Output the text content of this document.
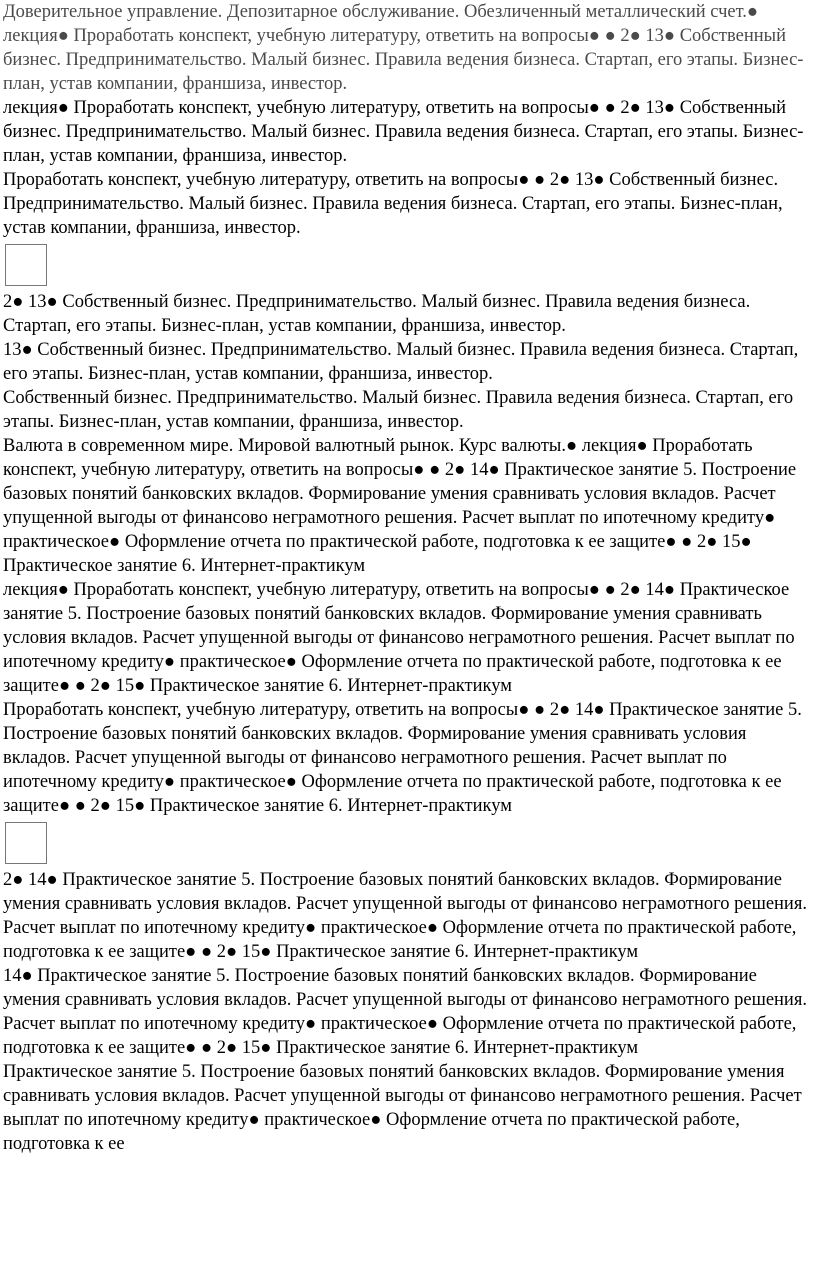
Доверительное управление. Депозитарное обслуживание. Обезличенный металлический счет.● лекция● Проработать конспект, учебную литературу, ответить на вопросы● ● 2● 13● Собственный бизнес. Предпринимательство. Малый бизнес. Правила ведения бизнеса. Стартап, его этапы. Бизнес-план, устав компании, франшиза, инвестор.

лекция● Проработать конспект, учебную литературу, ответить на вопросы● ● 2● 13● Собственный бизнес. Предпринимательство. Малый бизнес. Правила ведения бизнеса. Стартап, его этапы. Бизнес-план, устав компании, франшиза, инвестор.

Проработать конспект, учебную литературу, ответить на вопросы● ● 2● 13● Собственный бизнес. Предпринимательство. Малый бизнес. Правила ведения бизнеса. Стартап, его этапы. Бизнес-план, устав компании, франшиза, инвестор.

2● 13● Собственный бизнес. Предпринимательство. Малый бизнес. Правила ведения бизнеса. Стартап, его этапы. Бизнес-план, устав компании, франшиза, инвестор.

13● Собственный бизнес. Предпринимательство. Малый бизнес. Правила ведения бизнеса. Стартап, его этапы. Бизнес-план, устав компании, франшиза, инвестор.

Собственный бизнес. Предпринимательство. Малый бизнес. Правила ведения бизнеса. Стартап, его этапы. Бизнес-план, устав компании, франшиза, инвестор.

Валюта в современном мире. Мировой валютный рынок. Курс валюты.● лекция● Проработать конспект, учебную литературу, ответить на вопросы● ● 2● 14● Практическое занятие 5. Построение базовых понятий банковских вкладов. Формирование умения сравнивать условия вкладов. Расчет упущенной выгоды от финансово неграмотного решения. Расчет выплат по ипотечному кредиту● практическое● Оформление отчета по практической работе, подготовка к ее защите● ● 2● 15● Практическое занятие 6. Интернет-практикум

лекция● Проработать конспект, учебную литературу, ответить на вопросы● ● 2● 14● Практическое занятие 5. Построение базовых понятий банковских вкладов. Формирование умения сравнивать условия вкладов. Расчет упущенной выгоды от финансово неграмотного решения. Расчет выплат по ипотечному кредиту● практическое● Оформление отчета по практической работе, подготовка к ее защите● ● 2● 15● Практическое занятие 6. Интернет-практикум

Проработать конспект, учебную литературу, ответить на вопросы● ● 2● 14● Практическое занятие 5. Построение базовых понятий банковских вкладов. Формирование умения сравнивать условия вкладов. Расчет упущенной выгоды от финансово неграмотного решения. Расчет выплат по ипотечному кредиту● практическое● Оформление отчета по практической работе, подготовка к ее защите● ● 2● 15● Практическое занятие 6. Интернет-практикум

2● 14● Практическое занятие 5. Построение базовых понятий банковских вкладов. Формирование умения сравнивать условия вкладов. Расчет упущенной выгоды от финансово неграмотного решения. Расчет выплат по ипотечному кредиту● практическое● Оформление отчета по практической работе, подготовка к ее защите● ● 2● 15● Практическое занятие 6. Интернет-практикум

14● Практическое занятие 5. Построение базовых понятий банковских вкладов. Формирование умения сравнивать условия вкладов. Расчет упущенной выгоды от финансово неграмотного решения. Расчет выплат по ипотечному кредиту● практическое● Оформление отчета по практической работе, подготовка к ее защите● ● 2● 15● Практическое занятие 6. Интернет-практикум

Практическое занятие 5. Построение базовых понятий банковских вкладов. Формирование умения сравнивать условия вкладов. Расчет упущенной выгоды от финансово неграмотного решения. Расчет выплат по ипотечному кредиту● практическое● Оформление отчета по практической работе, подготовка к ее
